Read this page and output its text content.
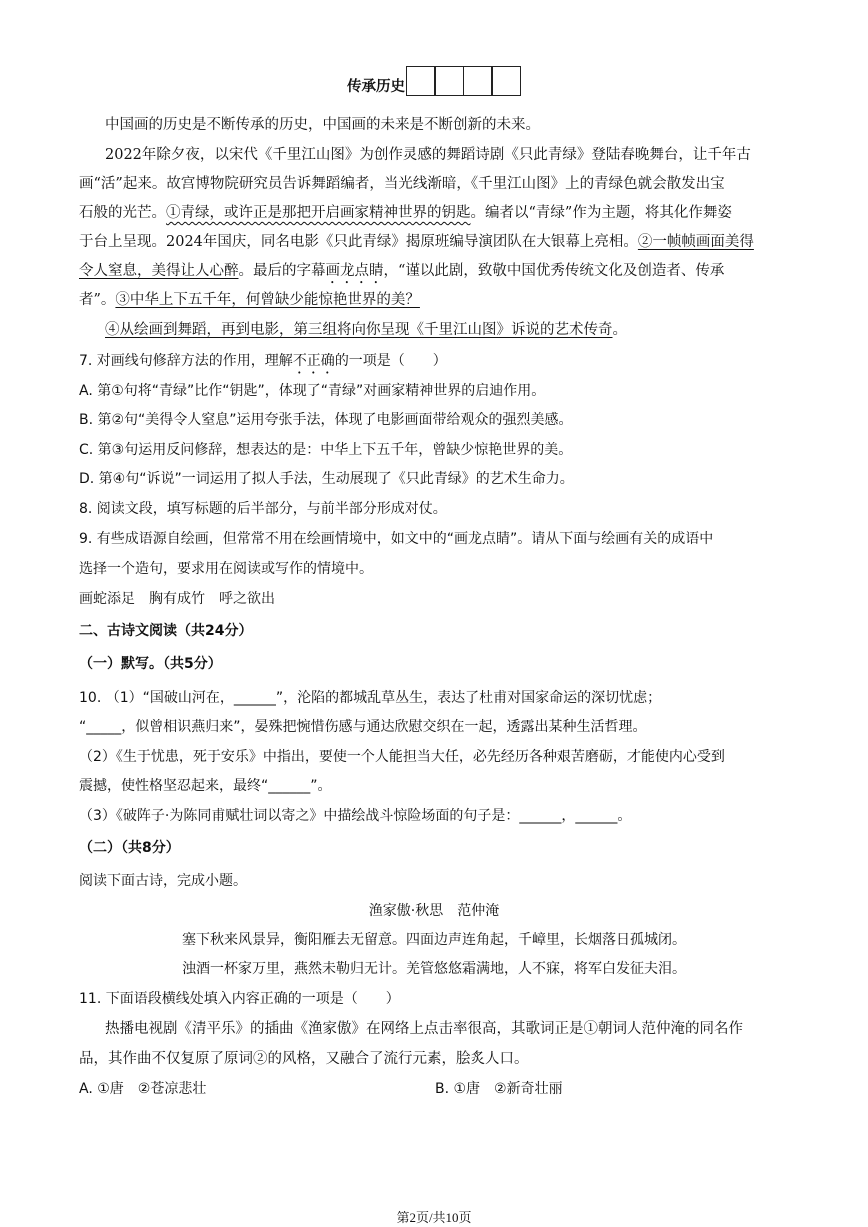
传承历史
中国画的历史是不断传承的历史，中国画的未来是不断创新的未来。
2022年除夕夜，以宋代《千里江山图》为创作灵感的舞蹈诗剧《只此青绿》登陆春晚舞台，让千年古
画“活”起来。故宫博物院研究员告诉舞蹈编者，当光线渐暗，《千里江山图》上的青绿色就会散发出宝
石般的光芒。①青绿，或许正是那把开启画家精神世界的钥匙。编者以“青绿”作为主题，将其化作舞姿
于台上呈现。2024年国庆，同名电影《只此青绿》揭原班编导演团队在大银幕上亮相。②一帧帧画面美得
令人窒息，美得让人心醉。最后的字幕画龙点睛，“谨以此剧，致敬中国优秀传统文化及创造者、传承
者”。③中华上下五千年，何曾缺少能惊艳世界的美？
④从绘画到舞蹈，再到电影，第三组将向你呈现《千里江山图》诉说的艺术传奇。
7. 对画线句修辞方法的作用，理解不正确的一项是（　　）
A. 第①句将“青绿”比作“钥匙”，体现了“青绿”对画家精神世界的启迪作用。
B. 第②句“美得令人窒息”运用夸张手法，体现了电影画面带给观众的强烈美感。
C. 第③句运用反问修辞，想表达的是：中华上下五千年，曾缺少惊艳世界的美。
D. 第④句“诉说”一词运用了拟人手法，生动展现了《只此青绿》的艺术生命力。
8. 阅读文段，填写标题的后半部分，与前半部分形成对仗。
9. 有些成语源自绘画，但常常不用在绘画情境中，如文中的“画龙点睛”。请从下面与绘画有关的成语中
选择一个造句，要求用在阅读或写作的情境中。
画蛇添足　胸有成竹　呼之欲出
二、古诗文阅读（共24分）
（一）默写。（共5分）
10. （1）“国破山河在，______”，沦陷的都城乱草丛生，表达了杜甫对国家命运的深切忧虑；
“_____，似曾相识燕归来”，晏殊把惋惜伤感与通达欣慰交织在一起，透露出某种生活哲理。
（2）《生于忧患，死于安乐》中指出，要使一个人能担当大任，必先经历各种艰苦磨砺，才能使内心受到
震撼，使性格坚忍起来，最终“______”。
（3）《破阵子·为陈同甫赋壮词以寄之》中描绘战斗惊险场面的句子是：______，______。
（二）（共8分）
阅读下面古诗，完成小题。
渔家傲·秋思　范仲淹
塞下秋来风景异，衡阳雁去无留意。四面边声连角起，千嶂里，长烟落日孤城闭。
浊酒一杯家万里，燕然未勒归无计。羌管悠悠霜满地，人不寐，将军白发征夫泪。
11. 下面语段横线处填入内容正确的一项是（　　）
热播电视剧《清平乐》的插曲《渔家傲》在网络上点击率很高，其歌词正是①朝词人范仲淹的同名作
品，其作曲不仅复原了原词②的风格，又融合了流行元素，脍炙人口。
A. ①唐　②苍凉悲壮	B. ①唐　②新奇壮丽
第2页/共10页
